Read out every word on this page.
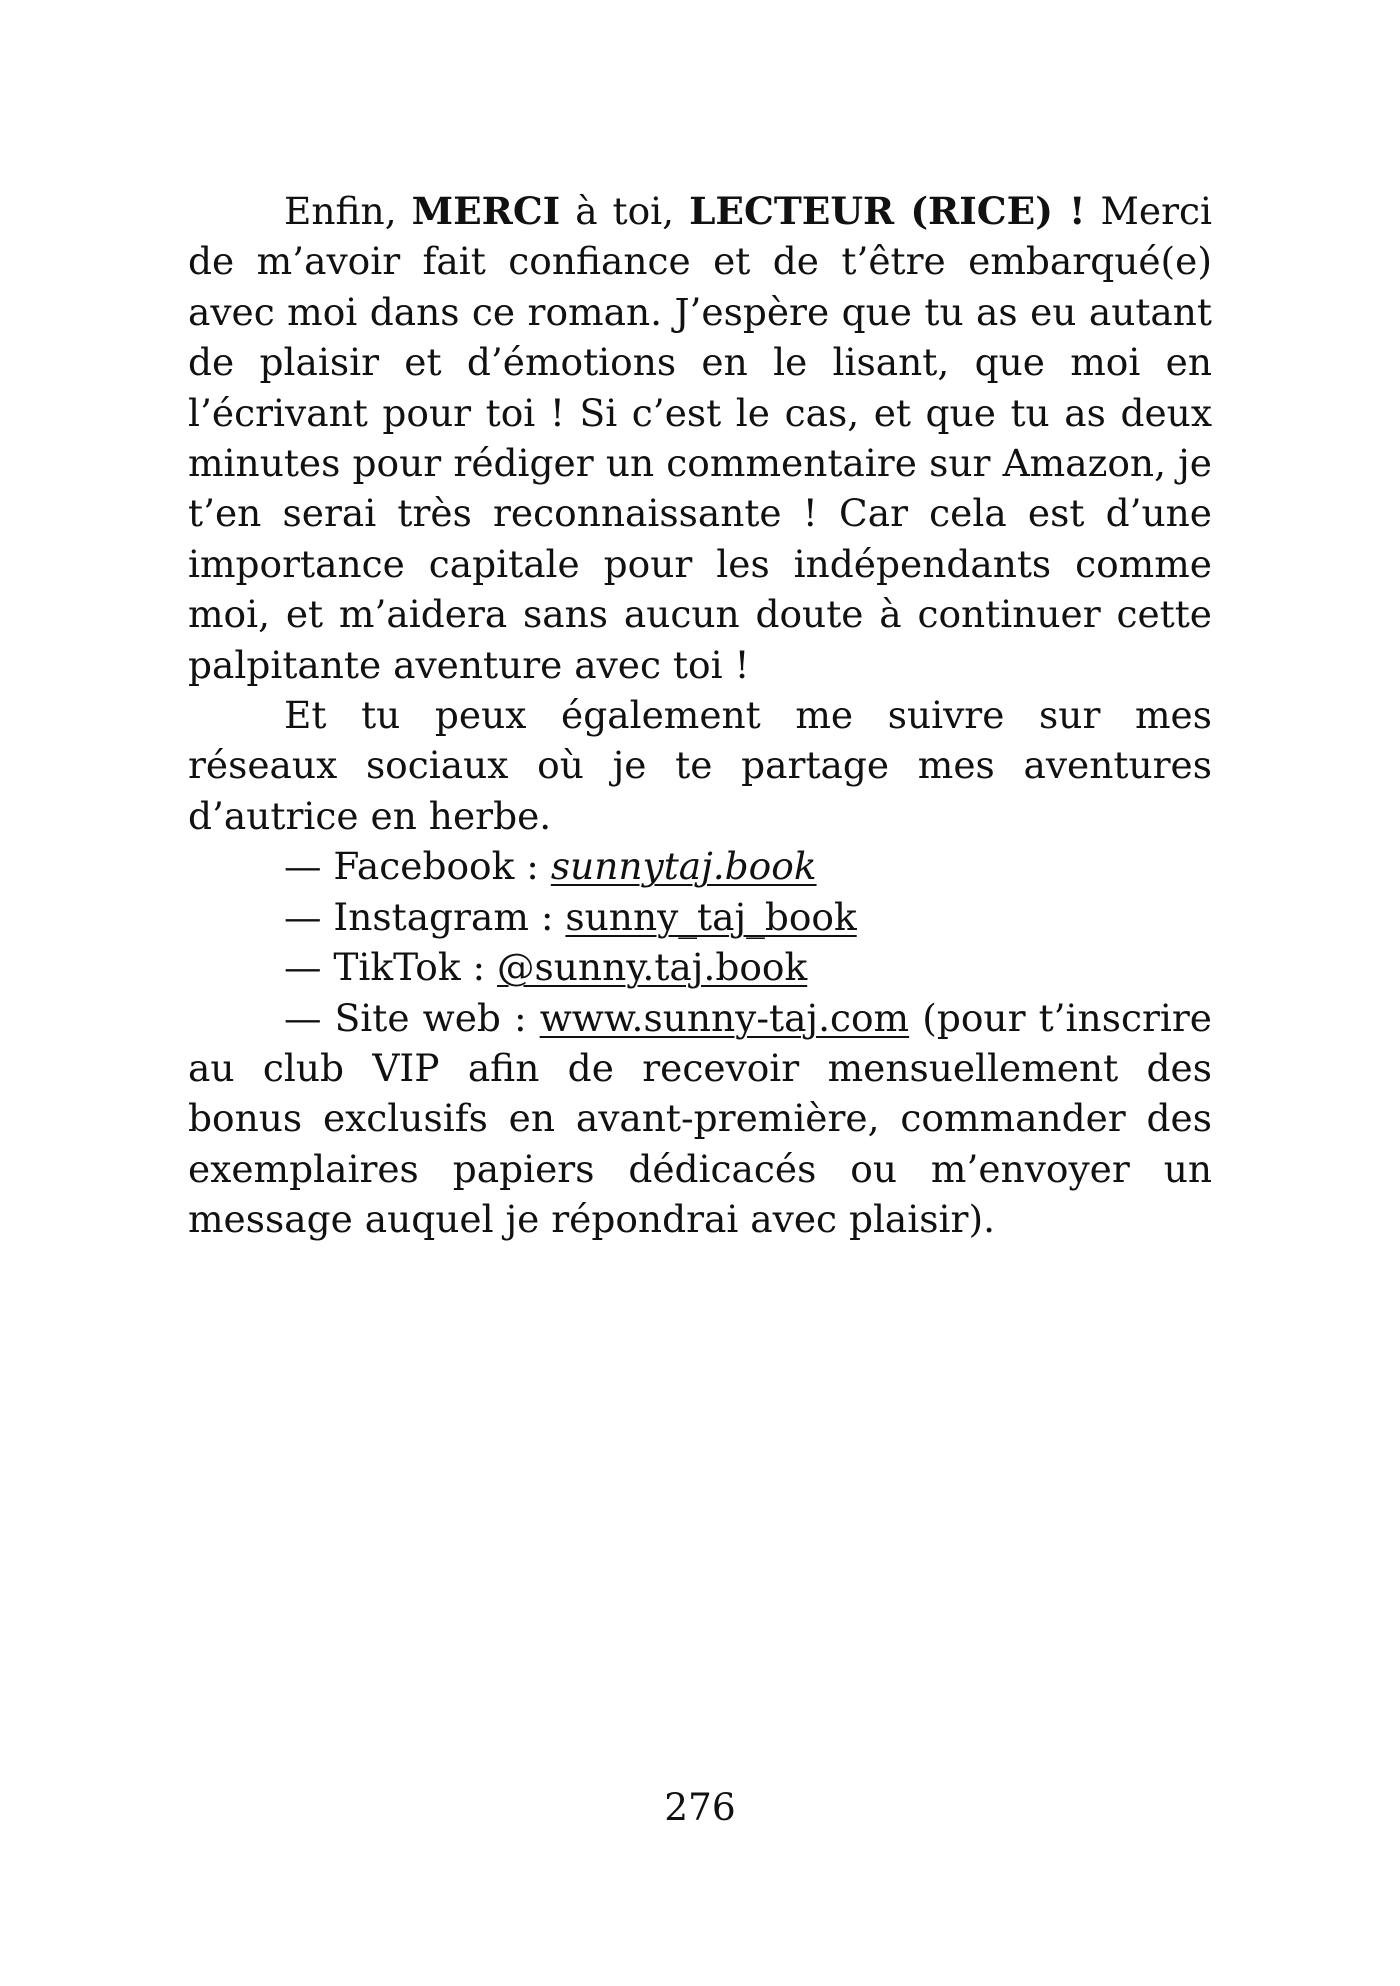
Enfin, MERCI à toi, LECTEUR (RICE) ! Merci de m’avoir fait confiance et de t’être embarqué(e) avec moi dans ce roman. J’espère que tu as eu autant de plaisir et d’émotions en le lisant, que moi en l’écrivant pour toi ! Si c’est le cas, et que tu as deux minutes pour rédiger un commentaire sur Amazon, je t’en serai très reconnaissante ! Car cela est d’une importance capitale pour les indépendants comme moi, et m’aidera sans aucun doute à continuer cette palpitante aventure avec toi !

Et tu peux également me suivre sur mes réseaux sociaux où je te partage mes aventures d’autrice en herbe.

— Facebook : sunnytaj.book

— Instagram : sunny_taj_book

— TikTok : @sunny.taj.book

— Site web : www.sunny-taj.com (pour t’inscrire au club VIP afin de recevoir mensuellement des bonus exclusifs en avant-première, commander des exemplaires papiers dédicacés ou m’envoyer un message auquel je répondrai avec plaisir).

276
